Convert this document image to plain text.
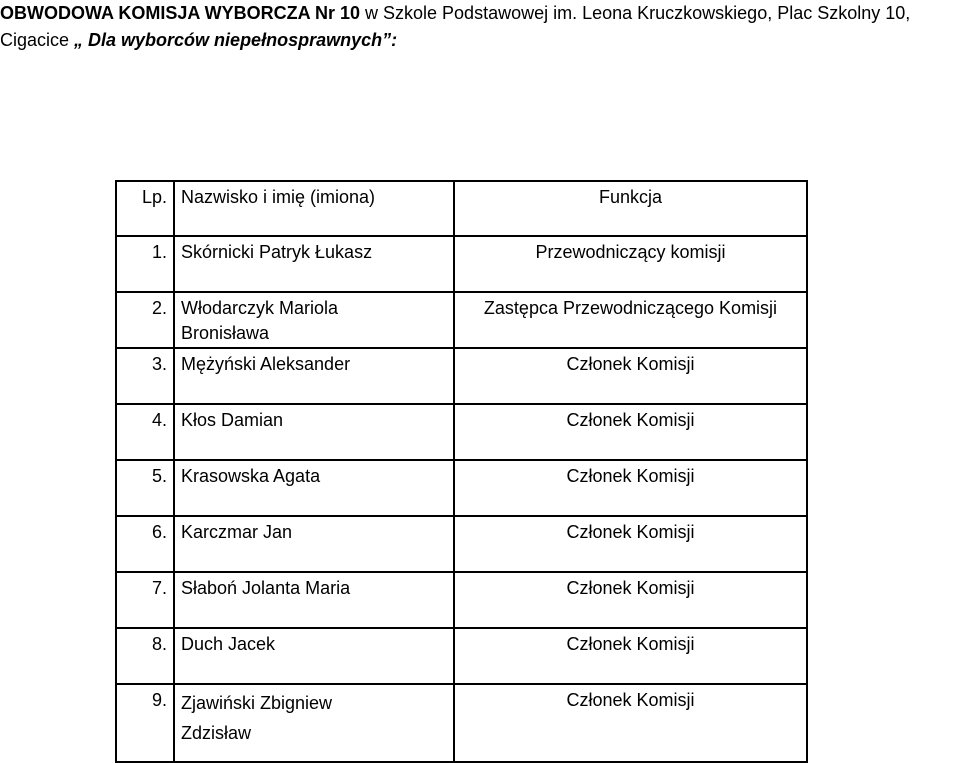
OBWODOWA KOMISJA WYBORCZA Nr 10 w Szkole Podstawowej im. Leona Kruczkowskiego, Plac Szkolny 10,
Cigacice „ Dla wyborców niepełnosprawnych”:
Lp.	Nazwisko i imię (imiona)	Funkcja

1.	Skórnicki Patryk Łukasz	Przewodniczący komisji

2.	Włodarczyk Mariola
Bronisława	Zastępca Przewodniczącego Komisji

3.	Mężyński Aleksander	Członek Komisji

4.	Kłos Damian	Członek Komisji

5.	Krasowska Agata	Członek Komisji

6.	Karczmar Jan	Członek Komisji

7.	Słaboń Jolanta Maria	Członek Komisji

8.	Duch Jacek	Członek Komisji

9.	Zjawiński Zbigniew
Zdzisław	Członek Komisji
